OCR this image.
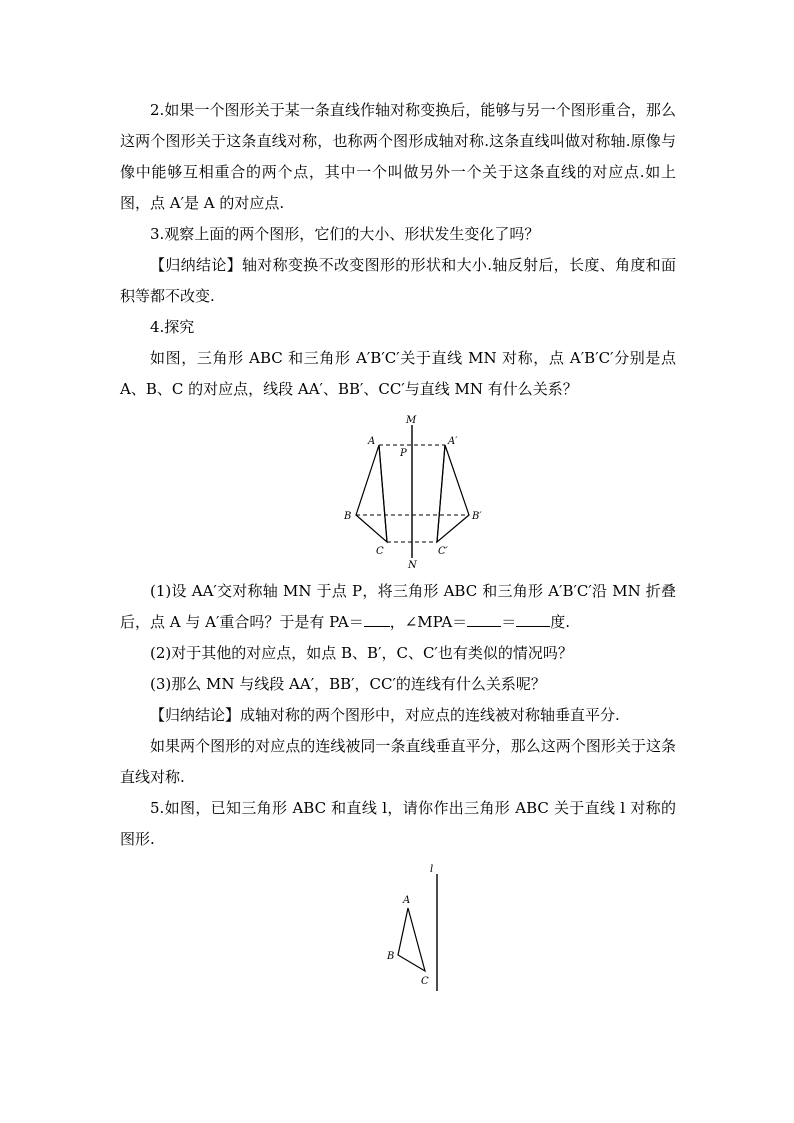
2.如果一个图形关于某一条直线作轴对称变换后，能够与另一个图形重合，那么这两个图形关于这条直线对称，也称两个图形成轴对称.这条直线叫做对称轴.原像与像中能够互相重合的两个点，其中一个叫做另外一个关于这条直线的对应点.如上图，点 A′是 A 的对应点.

3.观察上面的两个图形，它们的大小、形状发生变化了吗？

【归纳结论】轴对称变换不改变图形的形状和大小.轴反射后，长度、角度和面积等都不改变.

4.探究

如图，三角形 ABC 和三角形 A′B′C′关于直线 MN 对称，点 A′B′C′分别是点A、B、C 的对应点，线段 AA′、BB′、CC′与直线 MN 有什么关系？

M
N
P
A	A′
B	B′
C	C′

(1)设 AA′交对称轴 MN 于点 P，将三角形 ABC 和三角形 A′B′C′沿 MN 折叠后，点 A 与 A′重合吗？于是有 PA＝ ，∠MPA＝ ＝ 度.

(2)对于其他的对应点，如点 B、B′，C、C′也有类似的情况吗？

(3)那么 MN 与线段 AA′，BB′，CC′的连线有什么关系呢？

【归纳结论】成轴对称的两个图形中，对应点的连线被对称轴垂直平分.

如果两个图形的对应点的连线被同一条直线垂直平分，那么这两个图形关于这条直线对称.

5.如图，已知三角形 ABC 和直线 l，请你作出三角形 ABC 关于直线 l 对称的图形.

l
A
B
C
